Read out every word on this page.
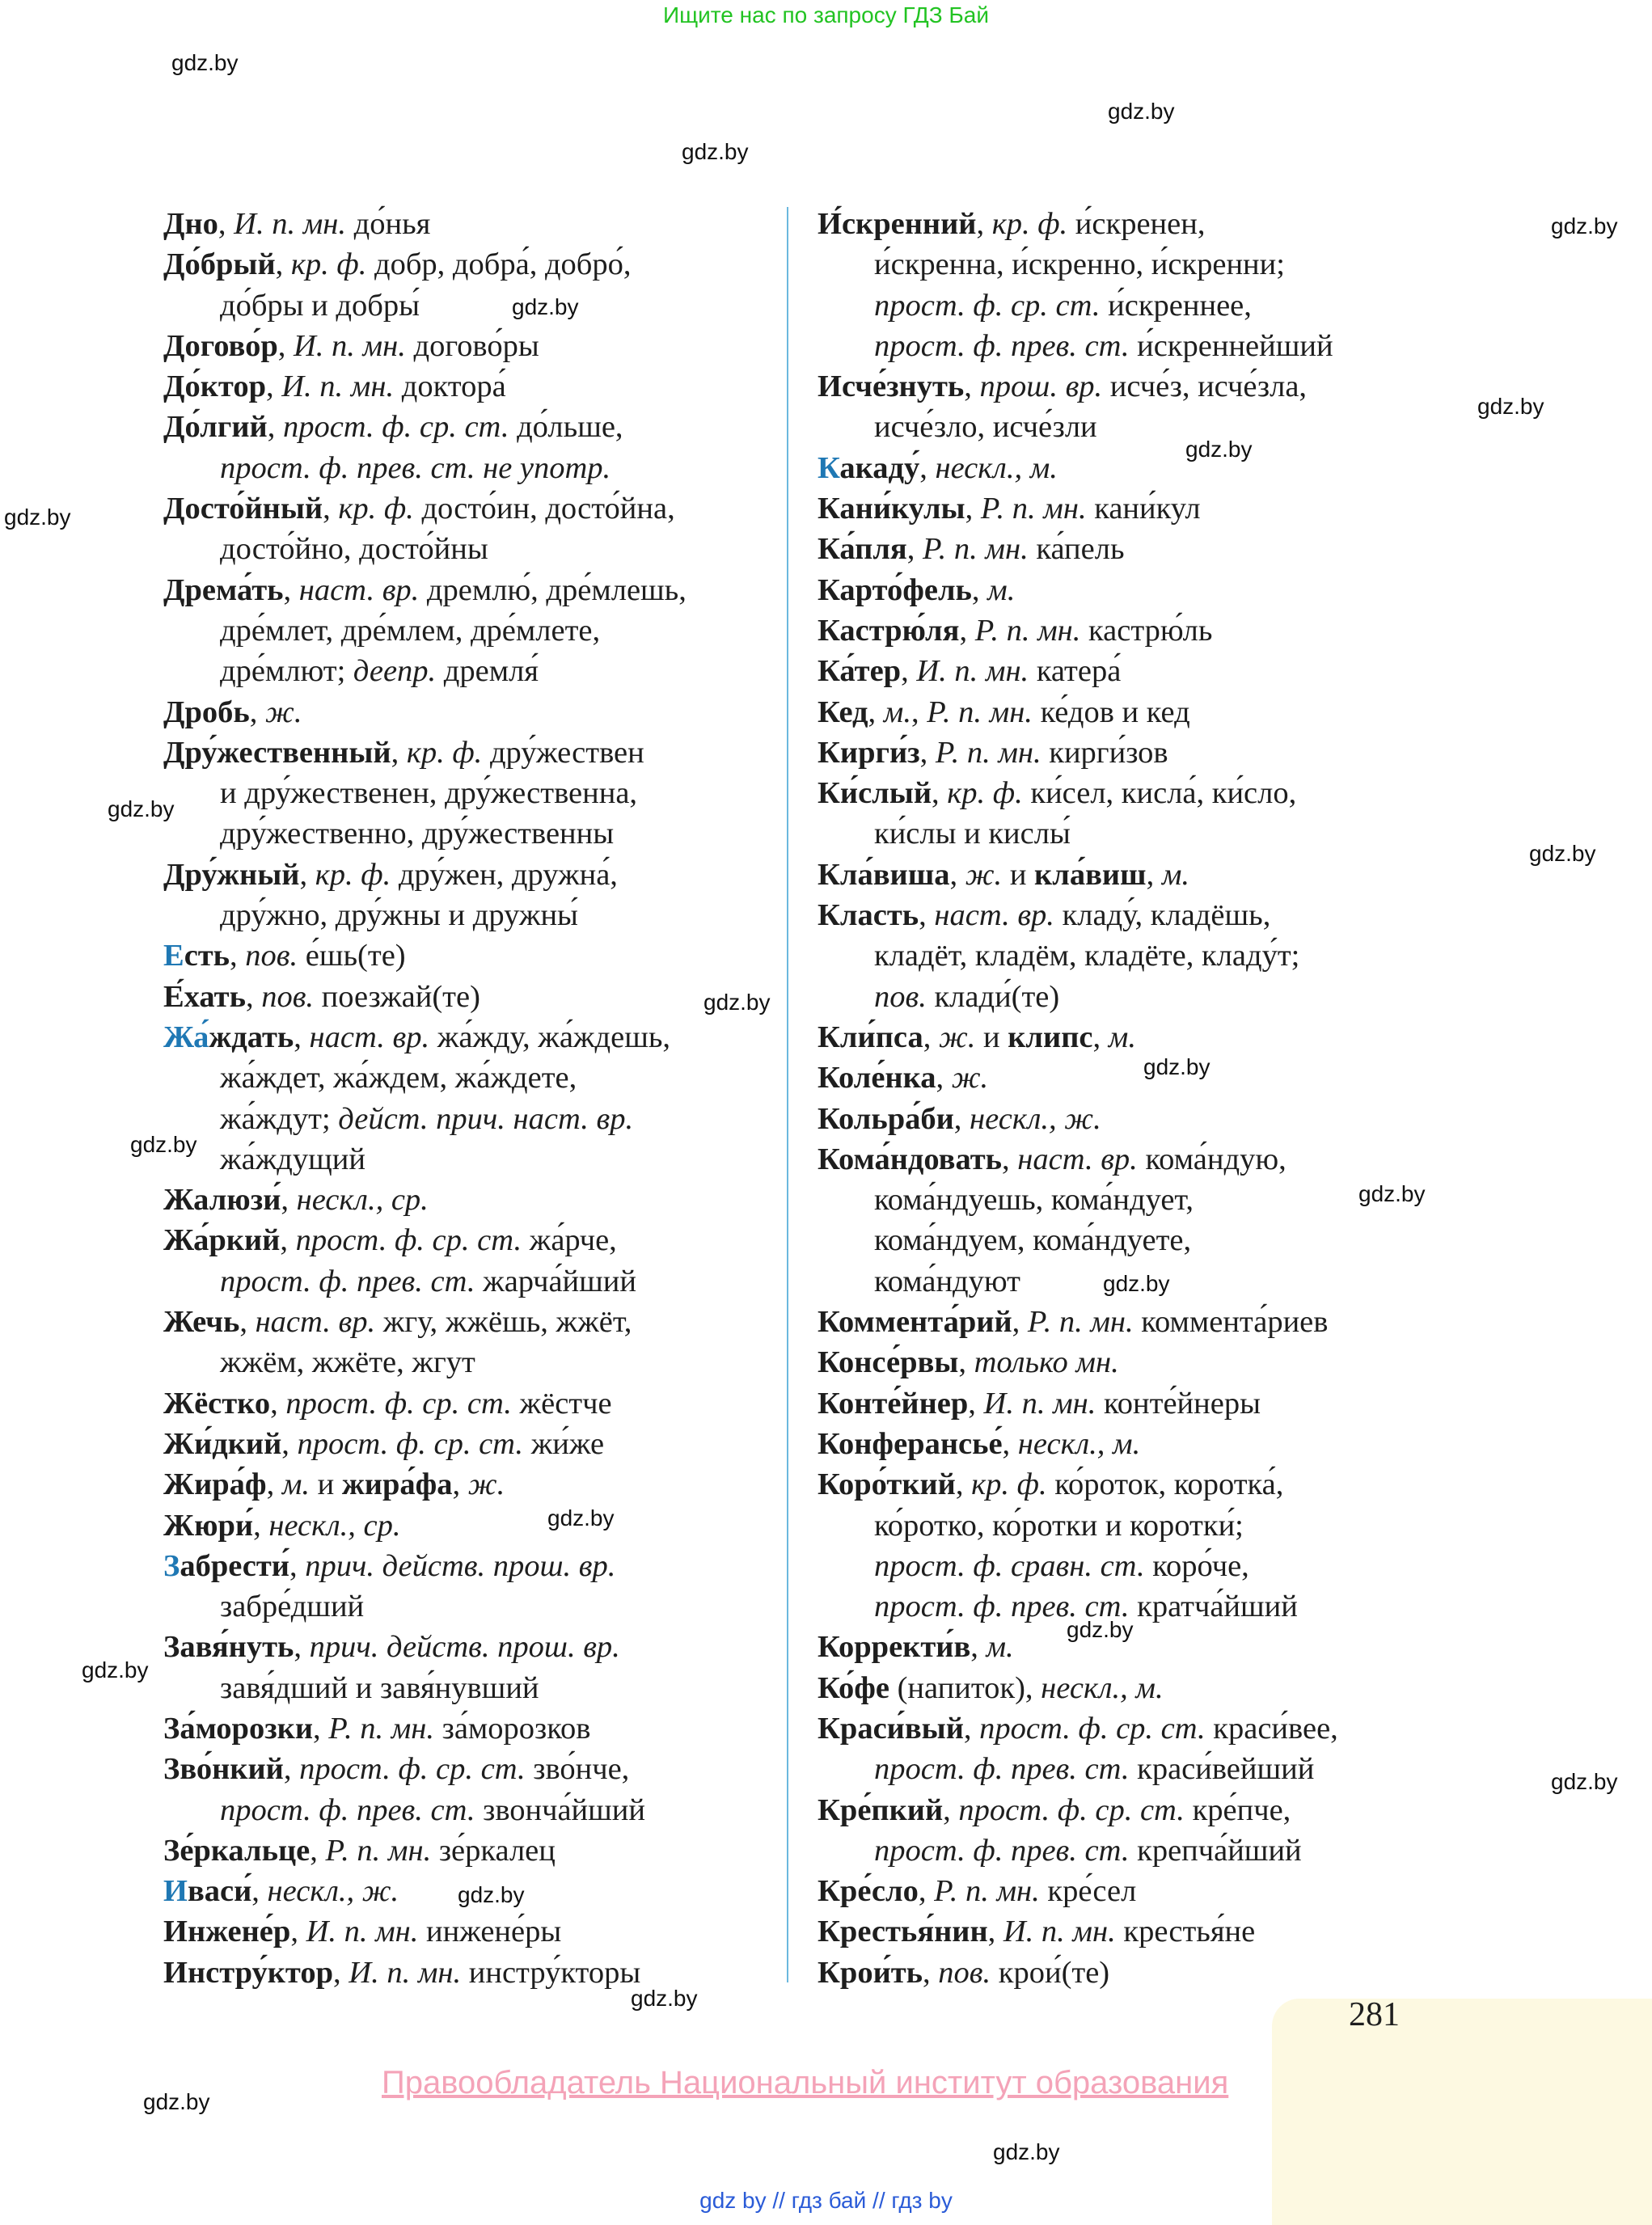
Ищите нас по запросу ГДЗ Бай
gdz.by
gdz.by
gdz.by
gdz.by
gdz.by
gdz.by
gdz.by
gdz.by
gdz.by
gdz.by
gdz.by
gdz.by
gdz.by
gdz.by
gdz.by
gdz.by
gdz.by
gdz.by
gdz.by
gdz.by
gdz.by
gdz.by
gdz.by
Дно, И. п. мн. до́нья
До́брый, кр. ф. добр, добра́, добро́,
до́бры и добры́
Догово́р, И. п. мн. догово́ры
До́ктор, И. п. мн. доктора́
До́лгий, прост. ф. ср. ст. до́льше,
прост. ф. прев. ст. не употр.
Досто́йный, кр. ф. досто́ин, досто́йна,
досто́йно, досто́йны
Дрема́ть, наст. вр. дремлю́, дре́млешь,
дре́млет, дре́млем, дре́млете,
дре́млют; деепр. дремля́
Дробь, ж.
Дру́жественный, кр. ф. дру́жествен
и дру́жественен, дру́жественна,
дру́жественно, дру́жественны
Дру́жный, кр. ф. дру́жен, дружна́,
дру́жно, дру́жны и дружны́
Есть, пов. е́шь(те)
Е́хать, пов. поезжай(те)
Жа́ждать, наст. вр. жа́жду, жа́ждешь,
жа́ждет, жа́ждем, жа́ждете,
жа́ждут; дейст. прич. наст. вр.
жа́ждущий
Жалюзи́, нескл., ср.
Жа́ркий, прост. ф. ср. ст. жа́рче,
прост. ф. прев. ст. жарча́йший
Жечь, наст. вр. жгу, жжёшь, жжёт,
жжём, жжёте, жгут
Жёстко, прост. ф. ср. ст. жёстче
Жи́дкий, прост. ф. ср. ст. жи́же
Жира́ф, м. и жира́фа, ж.
Жюри́, нескл., ср.
Забрести́, прич. действ. прош. вр.
забре́дший
Завя́нуть, прич. действ. прош. вр.
завя́дший и завя́нувший
За́морозки, Р. п. мн. за́морозков
Зво́нкий, прост. ф. ср. ст. зво́нче,
прост. ф. прев. ст. звонча́йший
Зе́ркальце, Р. п. мн. зе́ркалец
Иваси́, нескл., ж.
Инжене́р, И. п. мн. инжене́ры
Инстру́ктор, И. п. мн. инстру́кторы
И́скренний, кр. ф. и́скренен,
и́скренна, и́скренно, и́скренни;
прост. ф. ср. ст. и́скреннее,
прост. ф. прев. ст. и́скреннейший
Исче́знуть, прош. вр. исче́з, исче́зла,
исче́зло, исче́зли
Какаду́, нескл., м.
Кани́кулы, Р. п. мн. кани́кул
Ка́пля, Р. п. мн. ка́пель
Карто́фель, м.
Кастрю́ля, Р. п. мн. кастрю́ль
Ка́тер, И. п. мн. катера́
Кед, м., Р. п. мн. ке́дов и кед
Кирги́з, Р. п. мн. кирги́зов
Ки́слый, кр. ф. ки́сел, кисла́, ки́сло,
ки́слы и кислы́
Кла́виша, ж. и кла́виш, м.
Класть, наст. вр. кладу́, кладёшь,
кладёт, кладём, кладёте, кладу́т;
пов. клади́(те)
Кли́пса, ж. и клипс, м.
Коле́нка, ж.
Кольра́би, нескл., ж.
Кома́ндовать, наст. вр. кома́ндую,
кома́ндуешь, кома́ндует,
кома́ндуем, кома́ндуете,
кома́ндуют
Коммента́рий, Р. п. мн. коммента́риев
Консе́рвы, только мн.
Конте́йнер, И. п. мн. конте́йнеры
Конферансье́, нескл., м.
Коро́ткий, кр. ф. ко́роток, коротка́,
ко́ротко, ко́ротки и коротки́;
прост. ф. сравн. ст. коро́че,
прост. ф. прев. ст. кратча́йший
Корректи́в, м.
Ко́фе (напиток), нескл., м.
Краси́вый, прост. ф. ср. ст. краси́вее,
прост. ф. прев. ст. краси́вейший
Кре́пкий, прост. ф. ср. ст. кре́пче,
прост. ф. прев. ст. крепча́йший
Кре́сло, Р. п. мн. кре́сел
Крестья́нин, И. п. мн. крестья́не
Крои́ть, пов. крои́(те)
281
Правообладатель Национальный институт образования
gdz by // гдз бай // гдз by
